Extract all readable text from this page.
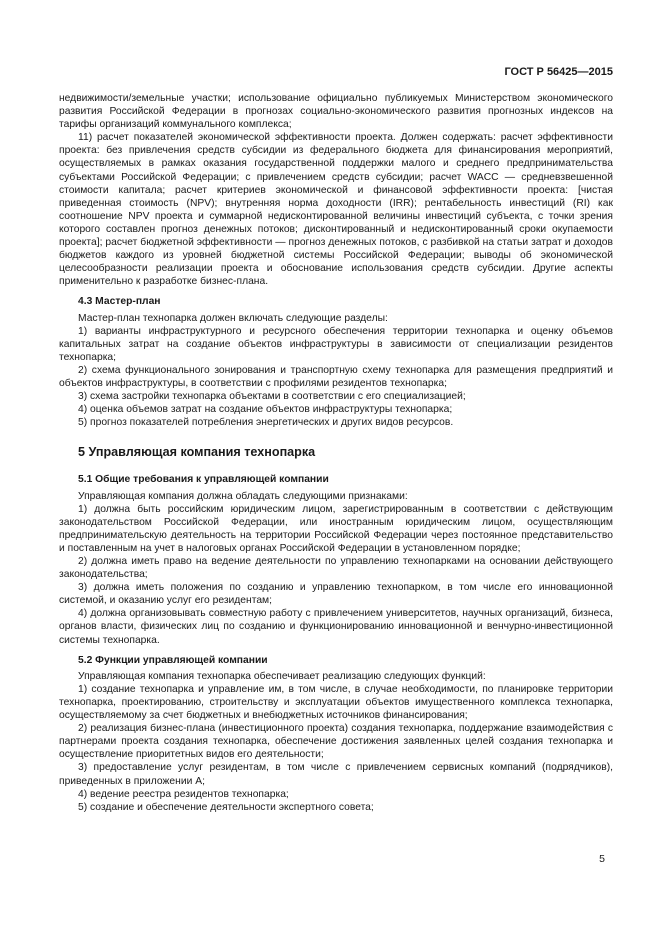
ГОСТ Р 56425—2015

недвижимости/земельные участки; использование официально публикуемых Министерством экономического развития Российской Федерации в прогнозах социально-экономического развития прогнозных индексов на тарифы организаций коммунального комплекса;

11) расчет показателей экономической эффективности проекта. Должен содержать: расчет эффективности проекта: без привлечения средств субсидии из федерального бюджета для финансирования мероприятий, осуществляемых в рамках оказания государственной поддержки малого и среднего предпринимательства субъектами Российской Федерации; с привлечением средств субсидии; расчет WACC — средневзвешенной стоимости капитала; расчет критериев экономической и финансовой эффективности проекта: [чистая приведенная стоимость (NPV); внутренняя норма доходности (IRR); рентабельность инвестиций (RI) как соотношение NPV проекта и суммарной недисконтированной величины инвестиций субъекта, с точки зрения которого составлен прогноз денежных потоков; дисконтированный и недисконтированный сроки окупаемости проекта]; расчет бюджетной эффективности — прогноз денежных потоков, с разбивкой на статьи затрат и доходов бюджетов каждого из уровней бюджетной системы Российской Федерации; выводы об экономической целесообразности реализации проекта и обоснование использования средств субсидии. Другие аспекты применительно к разработке бизнес-плана.

4.3 Мастер-план

Мастер-план технопарка должен включать следующие разделы:

1) варианты инфраструктурного и ресурсного обеспечения территории технопарка и оценку объемов капитальных затрат на создание объектов инфраструктуры в зависимости от специализации резидентов технопарка;

2) схема функционального зонирования и транспортную схему технопарка для размещения предприятий и объектов инфраструктуры, в соответствии с профилями резидентов технопарка;

3) схема застройки технопарка объектами в соответствии с его специализацией;

4) оценка объемов затрат на создание объектов инфраструктуры технопарка;

5) прогноз показателей потребления энергетических и других видов ресурсов.

5 Управляющая компания технопарка

5.1 Общие требования к управляющей компании

Управляющая компания должна обладать следующими признаками:

1) должна быть российским юридическим лицом, зарегистрированным в соответствии с действующим законодательством Российской Федерации, или иностранным юридическим лицом, осуществляющим предпринимательскую деятельность на территории Российской Федерации через постоянное представительство и поставленным на учет в налоговых органах Российской Федерации в установленном порядке;

2) должна иметь право на ведение деятельности по управлению технопарками на основании действующего законодательства;

3) должна иметь положения по созданию и управлению технопарком, в том числе его инновационной системой, и оказанию услуг его резидентам;

4) должна организовывать совместную работу с привлечением университетов, научных организаций, бизнеса, органов власти, физических лиц по созданию и функционированию инновационной и венчурно-инвестиционной системы технопарка.

5.2 Функции управляющей компании

Управляющая компания технопарка обеспечивает реализацию следующих функций:

1) создание технопарка и управление им, в том числе, в случае необходимости, по планировке территории технопарка, проектированию, строительству и эксплуатации объектов имущественного комплекса технопарка, осуществляемому за счет бюджетных и внебюджетных источников финансирования;

2) реализация бизнес-плана (инвестиционного проекта) создания технопарка, поддержание взаимодействия с партнерами проекта создания технопарка, обеспечение достижения заявленных целей создания технопарка и осуществление приоритетных видов его деятельности;

3) предоставление услуг резидентам, в том числе с привлечением сервисных компаний (подрядчиков), приведенных в приложении А;

4) ведение реестра резидентов технопарка;

5) создание и обеспечение деятельности экспертного совета;

5
